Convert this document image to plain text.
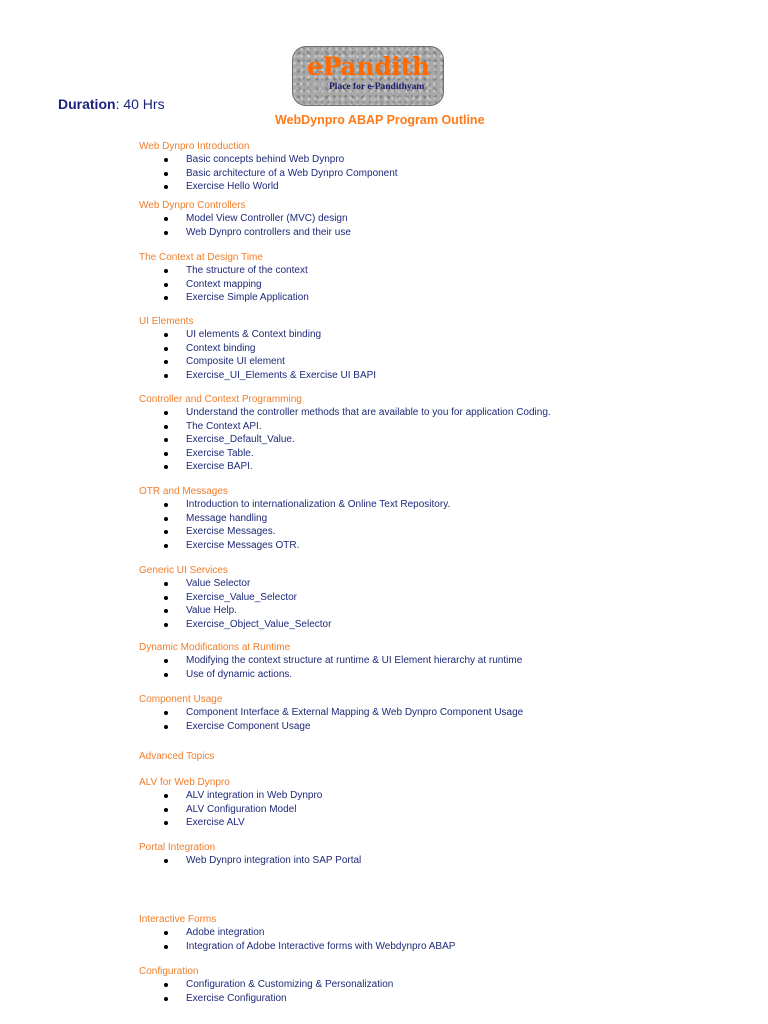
ePandith
Place for e-Pandithyam
Duration: 40 Hrs
WebDynpro ABAP Program Outline
Web Dynpro Introduction
Basic concepts behind Web Dynpro
Basic architecture of a Web Dynpro Component
Exercise Hello World
Web Dynpro Controllers
Model View Controller (MVC) design
Web Dynpro controllers and their use
The Context at Design Time
The structure of the context
Context mapping
Exercise Simple Application
UI Elements
UI elements & Context binding
Context binding
Composite UI element
Exercise_UI_Elements & Exercise UI BAPI
Controller and Context Programming
Understand the controller methods that are available to you for application Coding.
The Context API.
Exercise_Default_Value.
Exercise Table.
Exercise BAPI.
OTR and Messages
Introduction to internationalization & Online Text Repository.
Message handling
Exercise Messages.
Exercise Messages OTR.
Generic UI Services
Value Selector
Exercise_Value_Selector
Value Help.
Exercise_Object_Value_Selector
Dynamic Modifications at Runtime
Modifying the context structure at runtime & UI Element hierarchy at runtime
Use of dynamic actions.
Component Usage
Component Interface & External Mapping & Web Dynpro Component Usage
Exercise Component Usage
Advanced Topics
ALV for Web Dynpro
ALV integration in Web Dynpro
ALV Configuration Model
Exercise ALV
Portal Integration
Web Dynpro integration into SAP Portal
Interactive Forms
Adobe integration
Integration of Adobe Interactive forms with Webdynpro ABAP
Configuration
Configuration & Customizing & Personalization
Exercise Configuration
